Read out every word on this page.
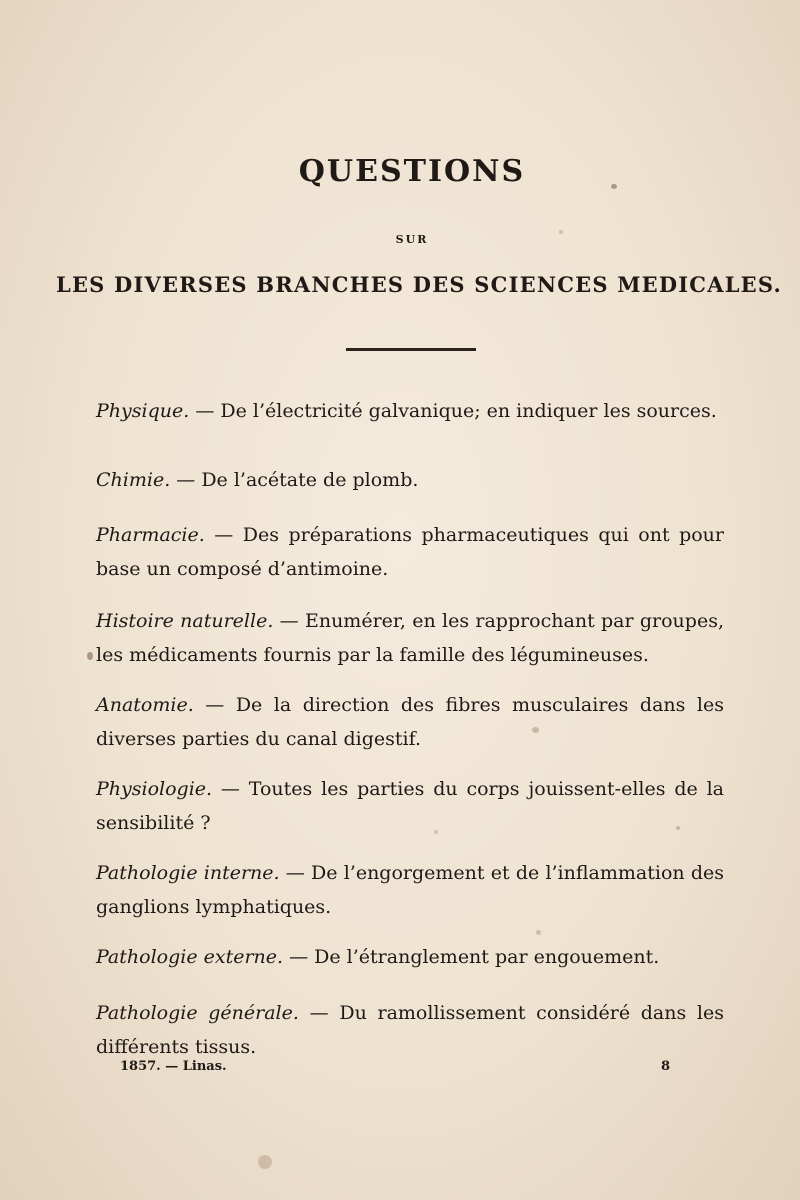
QUESTIONS
SUR
LES DIVERSES BRANCHES DES SCIENCES MEDICALES.

Physique. — De l’électricité galvanique; en indiquer les sources.

Chimie. — De l’acétate de plomb.

Pharmacie. — Des préparations pharmaceutiques qui ont pour base un composé d’antimoine.

Histoire naturelle. — Enumérer, en les rapprochant par groupes, les médicaments fournis par la famille des légumineuses.

Anatomie. — De la direction des fibres musculaires dans les diverses parties du canal digestif.

Physiologie. — Toutes les parties du corps jouissent-elles de la sensibilité ?

Pathologie interne. — De l’engorgement et de l’inflammation des ganglions lymphatiques.

Pathologie externe. — De l’étranglement par engouement.

Pathologie générale. — Du ramollissement considéré dans les différents tissus.

1857. — Linas.	8
